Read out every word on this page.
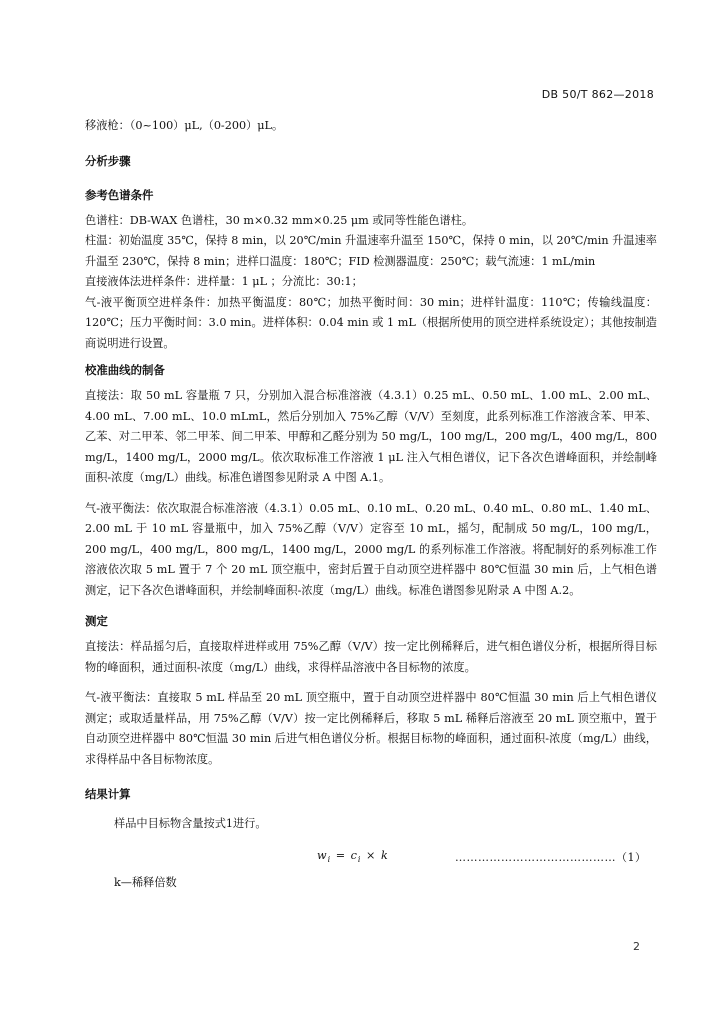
DB 50/T 862—2018

移液枪：（0~100）μL,（0-200）μL。

分析步骤

参考色谱条件

色谱柱：DB-WAX 色谱柱，30 m×0.32 mm×0.25 μm 或同等性能色谱柱。

柱温：初始温度 35℃，保持 8 min，以 20℃/min 升温速率升温至 150℃，保持 0 min，以 20℃/min 升温速率升温至 230℃，保持 8 min；进样口温度：180℃；FID 检测器温度：250℃；载气流速：1 mL/min

直接液体法进样条件：进样量：1 μL ；分流比：30:1；

气-液平衡顶空进样条件：加热平衡温度：80℃；加热平衡时间：30 min；进样针温度：110℃；传输线温度：120℃；压力平衡时间：3.0 min。进样体积：0.04 min 或 1 mL（根据所使用的顶空进样系统设定）；其他按制造商说明进行设置。

校准曲线的制备

直接法：取 50 mL 容量瓶 7 只，分别加入混合标准溶液（4.3.1）0.25 mL、0.50 mL、1.00 mL、2.00 mL、4.00 mL、7.00 mL、10.0 mLmL，然后分别加入 75%乙醇（V/V）至刻度，此系列标准工作溶液含苯、甲苯、乙苯、对二甲苯、邻二甲苯、间二甲苯、甲醇和乙醛分别为 50 mg/L，100 mg/L，200 mg/L，400 mg/L，800 mg/L，1400 mg/L，2000 mg/L。依次取标准工作溶液 1 μL 注入气相色谱仪，记下各次色谱峰面积，并绘制峰面积-浓度（mg/L）曲线。标准色谱图参见附录 A 中图 A.1。

气-液平衡法：依次取混合标准溶液（4.3.1）0.05 mL、0.10 mL、0.20 mL、0.40 mL、0.80 mL、1.40 mL、2.00 mL 于 10 mL 容量瓶中，加入 75%乙醇（V/V）定容至 10 mL，摇匀，配制成 50 mg/L，100 mg/L，200 mg/L，400 mg/L，800 mg/L，1400 mg/L，2000 mg/L 的系列标准工作溶液。将配制好的系列标准工作溶液依次取 5 mL 置于 7 个 20 mL 顶空瓶中，密封后置于自动顶空进样器中 80℃恒温 30 min 后，上气相色谱测定，记下各次色谱峰面积，并绘制峰面积-浓度（mg/L）曲线。标准色谱图参见附录 A 中图 A.2。

测定

直接法：样品摇匀后，直接取样进样或用 75%乙醇（V/V）按一定比例稀释后，进气相色谱仪分析，根据所得目标物的峰面积，通过面积-浓度（mg/L）曲线，求得样品溶液中各目标物的浓度。

气-液平衡法：直接取 5 mL 样品至 20 mL 顶空瓶中，置于自动顶空进样器中 80℃恒温 30 min 后上气相色谱仪测定；或取适量样品，用 75%乙醇（V/V）按一定比例稀释后，移取 5 mL 稀释后溶液至 20 mL 顶空瓶中，置于自动顶空进样器中 80℃恒温 30 min 后进气相色谱仪分析。根据目标物的峰面积，通过面积-浓度（mg/L）曲线，求得样品中各目标物浓度。

结果计算

样品中目标物含量按式1进行。

$w_i = c_i \times k$	……………………………………（1）

k—稀释倍数

2
